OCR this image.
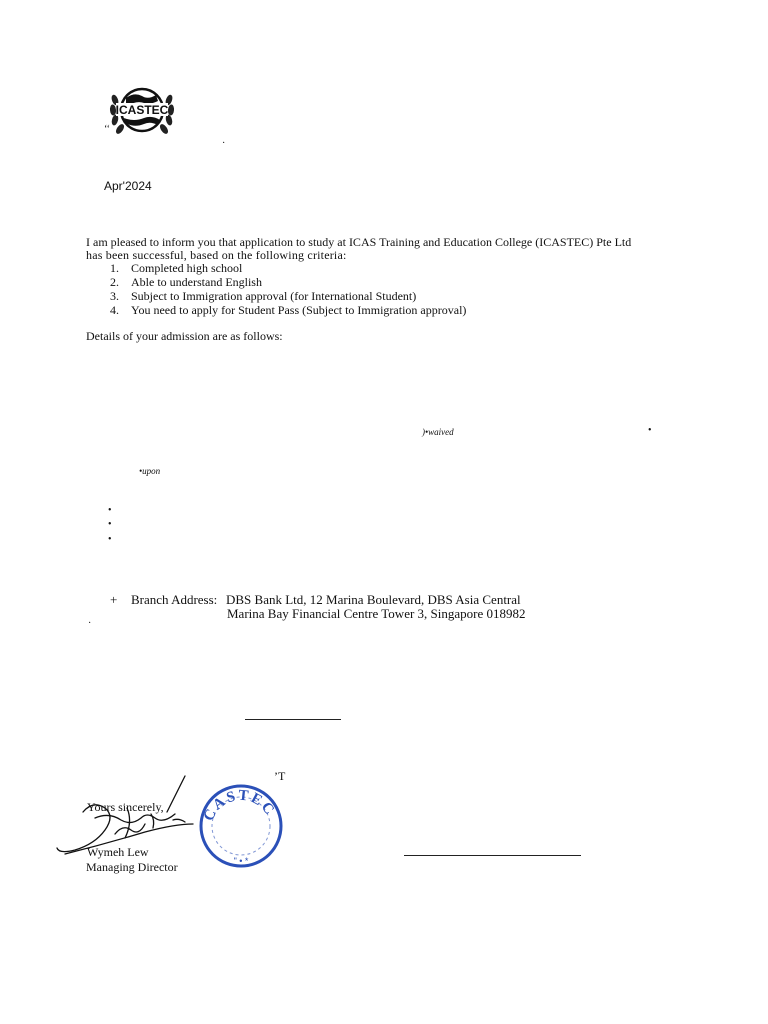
ICASTEC
‘‘
·
Apr'2024
I am pleased to inform you that application to study at ICAS Training and Education College (ICASTEC) Pte Ltd
has been successful, based on the following criteria:
1. Completed high school
2. Able to understand English
3. Subject to Immigration approval (for International Student)
4. You need to apply for Student Pass (Subject to Immigration approval)
Details of your admission are as follows:
)•waived	•
•upon
•
•
•
+ Branch Address: DBS Bank Ltd, 12 Marina Boulevard, DBS Asia Central
Marina Bay Financial Centre Tower 3, Singapore 018982
·
’T
Yours sincerely,
Wymeh Lew
Managing Director
CASTEC
" • *
